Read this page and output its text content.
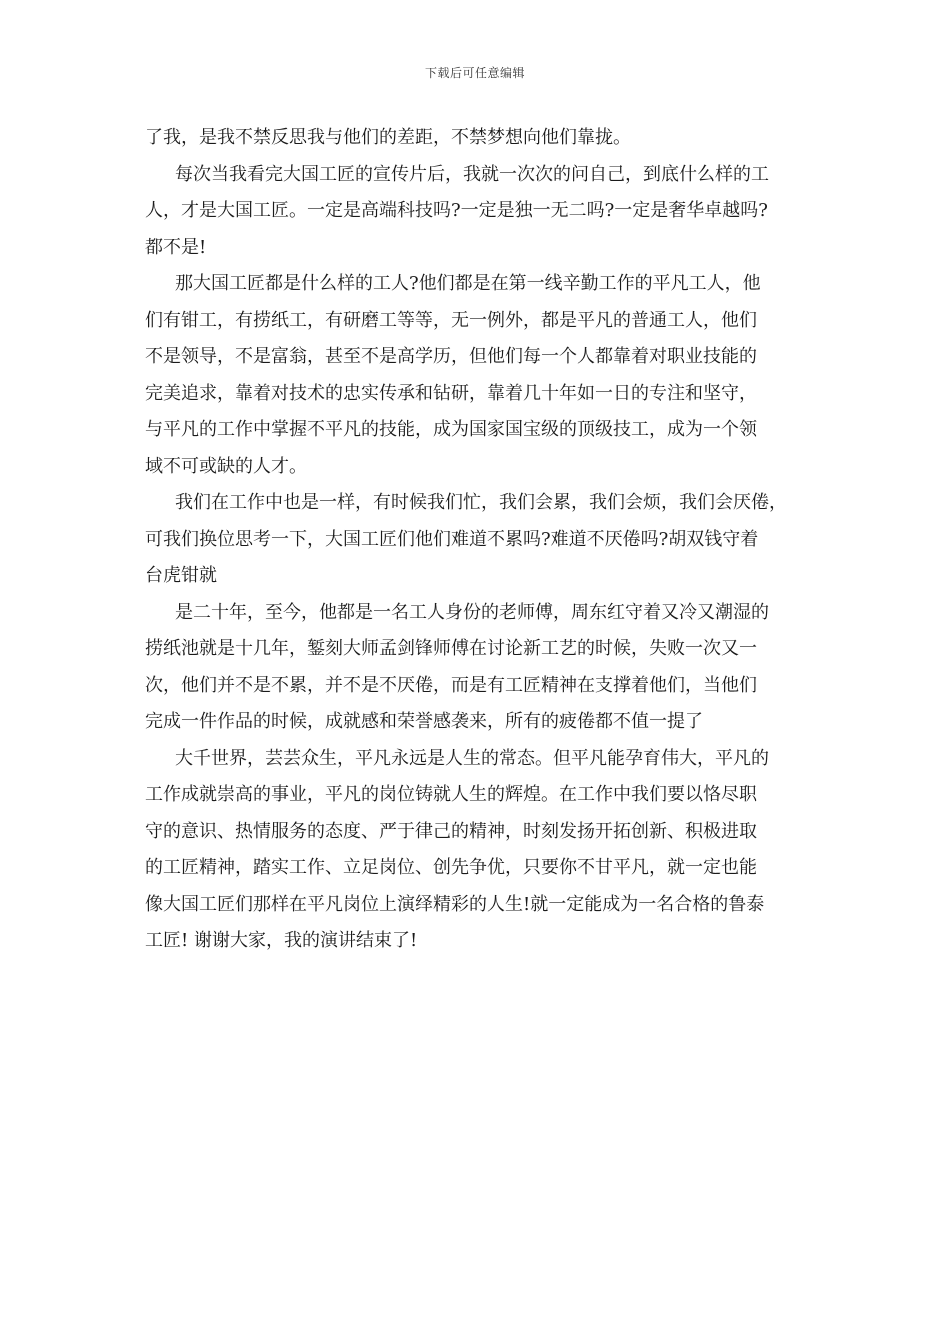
下载后可任意编辑
了我，是我不禁反思我与他们的差距，不禁梦想向他们靠拢。
每次当我看完大国工匠的宣传片后，我就一次次的问自己，到底什么样的工
人，才是大国工匠。一定是高端科技吗?一定是独一无二吗?一定是奢华卓越吗?
都不是!
那大国工匠都是什么样的工人?他们都是在第一线辛勤工作的平凡工人，他
们有钳工，有捞纸工，有研磨工等等，无一例外，都是平凡的普通工人，他们
不是领导，不是富翁，甚至不是高学历，但他们每一个人都靠着对职业技能的
完美追求，靠着对技术的忠实传承和钻研，靠着几十年如一日的专注和坚守，
与平凡的工作中掌握不平凡的技能，成为国家国宝级的顶级技工，成为一个领
域不可或缺的人才。
我们在工作中也是一样，有时候我们忙，我们会累，我们会烦，我们会厌倦，
可我们换位思考一下，大国工匠们他们难道不累吗?难道不厌倦吗?胡双钱守着
台虎钳就
是二十年，至今，他都是一名工人身份的老师傅，周东红守着又冷又潮湿的
捞纸池就是十几年，錾刻大师孟剑锋师傅在讨论新工艺的时候，失败一次又一
次，他们并不是不累，并不是不厌倦，而是有工匠精神在支撑着他们，当他们
完成一件作品的时候，成就感和荣誉感袭来，所有的疲倦都不值一提了
大千世界，芸芸众生，平凡永远是人生的常态。但平凡能孕育伟大，平凡的
工作成就崇高的事业，平凡的岗位铸就人生的辉煌。在工作中我们要以恪尽职
守的意识、热情服务的态度、严于律己的精神，时刻发扬开拓创新、积极进取
的工匠精神，踏实工作、立足岗位、创先争优，只要你不甘平凡，就一定也能
像大国工匠们那样在平凡岗位上演绎精彩的人生!就一定能成为一名合格的鲁泰
工匠! 谢谢大家，我的演讲结束了!
